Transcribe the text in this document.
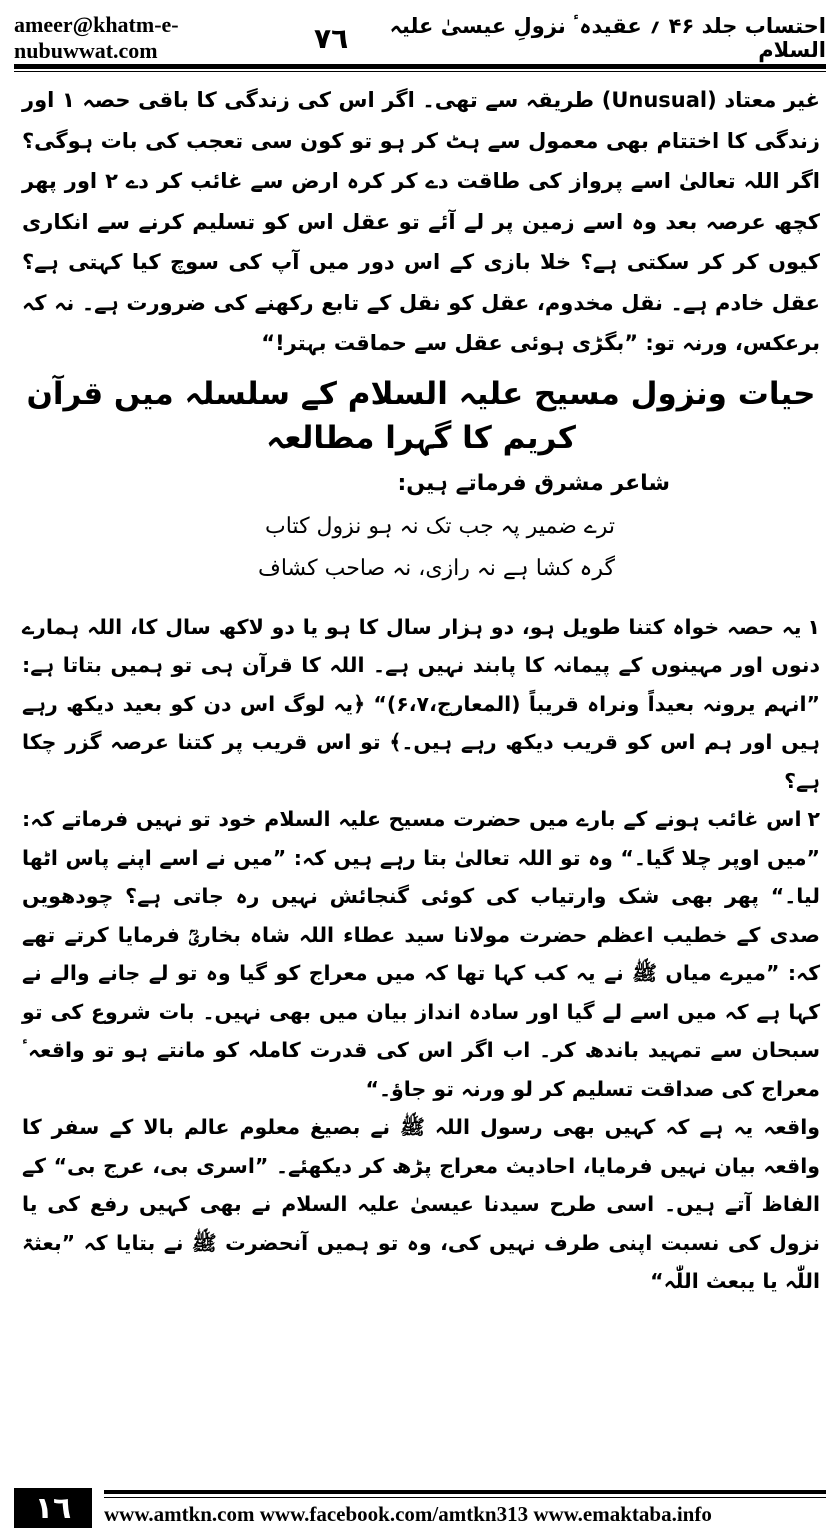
ameer@khatm-e-nubuwwat.com	۷٦	احتساب جلد ۴۶ ؍ عقیدہٴ نزولِ عیسیٰ علیہ السلام

غیر معتاد (Unusual) طریقہ سے تھی۔ اگر اس کی زندگی کا باقی حصہ ۱ اور زندگی کا اختتام بھی معمول سے ہٹ کر ہو تو کون سی تعجب کی بات ہوگی؟ اگر اللہ تعالیٰ اسے پرواز کی طاقت دے کر کرہ ارض سے غائب کر دے ۲ اور پھر کچھ عرصہ بعد وہ اسے زمین پر لے آئے تو عقل اس کو تسلیم کرنے سے انکاری کیوں کر کر سکتی ہے؟ خلا بازی کے اس دور میں آپ کی سوچ کیا کہتی ہے؟ عقل خادم ہے۔ نقل مخدوم، عقل کو نقل کے تابع رکھنے کی ضرورت ہے۔ نہ کہ برعکس، ورنہ تو: ”بگڑی ہوئی عقل سے حماقت بہتر!“

حیات ونزول مسیح علیہ السلام کے سلسلہ میں قرآن کریم کا گہرا مطالعہ
شاعر مشرق فرماتے ہیں:
ترے ضمیر پہ جب تک نہ ہو نزول کتاب
گرہ کشا ہے نہ رازی، نہ صاحب کشاف

۱یہ حصہ خواہ کتنا طویل ہو، دو ہزار سال کا ہو یا دو لاکھ سال کا، اللہ ہمارے دنوں اور مہینوں کے پیمانہ کا پابند نہیں ہے۔ اللہ کا قرآن ہی تو ہمیں بتاتا ہے: ”انہم یرونہ بعیداً ونراہ قریباً (المعارج،۶،۷)“ ﴿یہ لوگ اس دن کو بعید دیکھ رہے ہیں اور ہم اس کو قریب دیکھ رہے ہیں۔﴾ تو اس قریب پر کتنا عرصہ گزر چکا ہے؟

۲اس غائب ہونے کے بارے میں حضرت مسیح علیہ السلام خود تو نہیں فرماتے کہ: ”میں اوپر چلا گیا۔“ وہ تو اللہ تعالیٰ بتا رہے ہیں کہ: ”میں نے اسے اپنے پاس اٹھا لیا۔“ پھر بھی شک وارتیاب کی کوئی گنجائش نہیں رہ جاتی ہے؟ چودھویں صدی کے خطیب اعظم حضرت مولانا سید عطاء اللہ شاہ بخاریؒ فرمایا کرتے تھے کہ: ”میرے میاں ﷺ نے یہ کب کہا تھا کہ میں معراج کو گیا وہ تو لے جانے والے نے کہا ہے کہ میں اسے لے گیا اور سادہ انداز بیان میں بھی نہیں۔ بات شروع کی تو سبحان سے تمہید باندھ کر۔ اب اگر اس کی قدرت کاملہ کو مانتے ہو تو واقعہٴ معراج کی صداقت تسلیم کر لو ورنہ تو جاؤ۔“

واقعہ یہ ہے کہ کہیں بھی رسول اللہ ﷺ نے بصیغ معلوم عالم بالا کے سفر کا واقعہ بیان نہیں فرمایا، احادیث معراج پڑھ کر دیکھئے۔ ”اسری بی، عرج بی“ کے الفاظ آتے ہیں۔ اسی طرح سیدنا عیسیٰ علیہ السلام نے بھی کہیں رفع کی یا نزول کی نسبت اپنی طرف نہیں کی، وہ تو ہمیں آنحضرت ﷺ نے بتایا کہ ”بعثۃ اللّٰہ یا یبعث اللّٰہ“

۱٦	www.amtkn.com www.facebook.com/amtkn313 www.emaktaba.info
